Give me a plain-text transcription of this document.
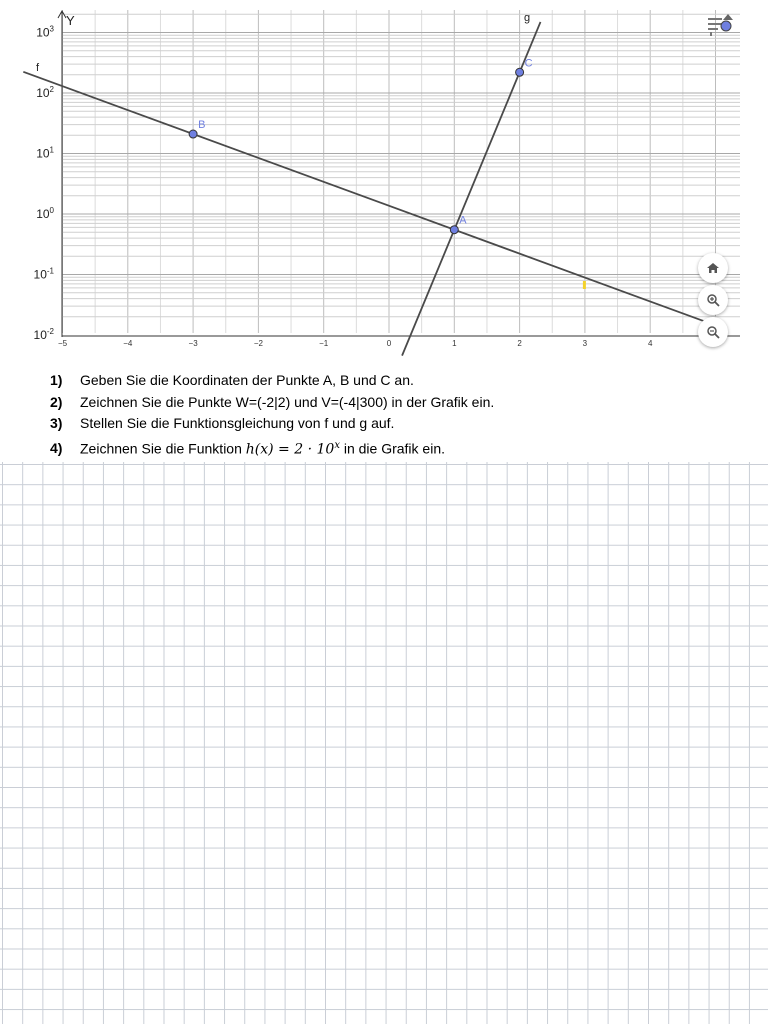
Y
$10^3$
$10^2$
$10^1$
$10^0$
$10^{-1}$
$10^{-2}$
−5	−4	−3	−2	−1	0	1	2	3	4
f
g
A
B
C
1) Geben Sie die Koordinaten der Punkte A, B und C an.
2) Zeichnen Sie die Punkte W=(-2|2) und V=(-4|300) in der Grafik ein.
3) Stellen Sie die Funktionsgleichung von f und g auf.
4) Zeichnen Sie die Funktion $h(x) = 2 \cdot 10^x$ in die Grafik ein.
